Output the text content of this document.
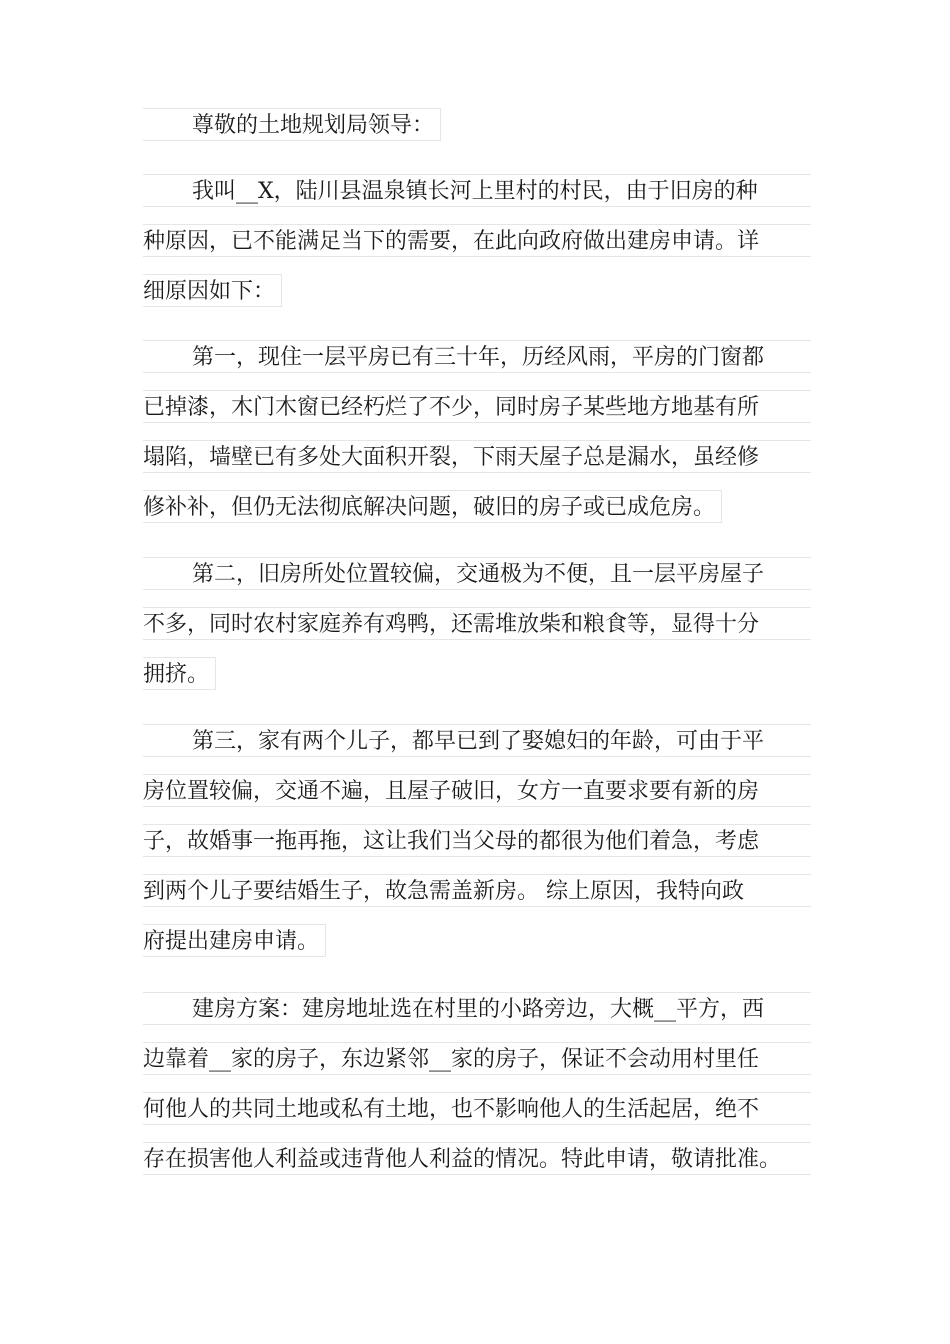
尊敬的土地规划局领导：
我叫__X，陆川县温泉镇长河上里村的村民，由于旧房的种
种原因，已不能满足当下的需要，在此向政府做出建房申请。详
细原因如下：
第一，现住一层平房已有三十年，历经风雨，平房的门窗都
已掉漆，木门木窗已经朽烂了不少，同时房子某些地方地基有所
塌陷，墙壁已有多处大面积开裂，下雨天屋子总是漏水，虽经修
修补补，但仍无法彻底解决问题，破旧的房子或已成危房。
第二，旧房所处位置较偏，交通极为不便，且一层平房屋子
不多，同时农村家庭养有鸡鸭，还需堆放柴和粮食等，显得十分
拥挤。
第三，家有两个儿子，都早已到了娶媳妇的年龄，可由于平
房位置较偏，交通不遍，且屋子破旧，女方一直要求要有新的房
子，故婚事一拖再拖，这让我们当父母的都很为他们着急，考虑
到两个儿子要结婚生子，故急需盖新房。 综上原因，我特向政
府提出建房申请。
建房方案：建房地址选在村里的小路旁边，大概__平方，西
边靠着__家的房子，东边紧邻__家的房子，保证不会动用村里任
何他人的共同土地或私有土地，也不影响他人的生活起居，绝不
存在损害他人利益或违背他人利益的情况。特此申请，敬请批准。
